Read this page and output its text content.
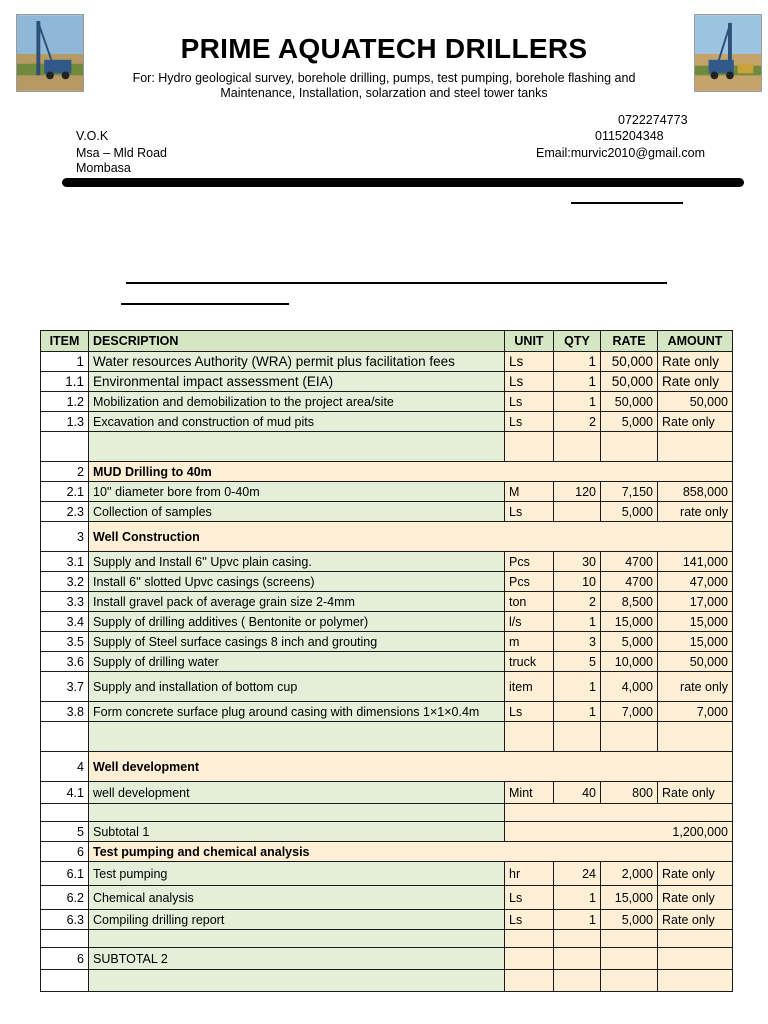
PRIME AQUATECH DRILLERS
For: Hydro geological survey, borehole drilling, pumps, test pumping, borehole flashing and
Maintenance, Installation, solarzation and steel tower tanks
0722274773
0115204348
Email:murvic2010@gmail.com
V.O.K
Msa – Mld Road
Mombasa
ITEM	DESCRIPTION	UNIT	QTY	RATE	AMOUNT
1	Water resources Authority (WRA) permit plus facilitation fees	Ls	1	50,000	Rate only
1.1	Environmental impact assessment (EIA)	Ls	1	50,000	Rate only
1.2	Mobilization and demobilization to the project area/site	Ls	1	50,000	50,000
1.3	Excavation and construction of mud pits	Ls	2	5,000	Rate only

2	MUD Drilling to 40m				
2.1	10'' diameter bore from 0-40m	M	120	7,150	858,000
2.3	Collection of samples	Ls		5,000	rate only
3	Well Construction				
3.1	Supply and Install 6'' Upvc plain casing.	Pcs	30	4700	141,000
3.2	Install 6'' slotted Upvc casings (screens)	Pcs	10	4700	47,000
3.3	Install gravel pack of average grain size 2-4mm	ton	2	8,500	17,000
3.4	Supply of drilling additives ( Bentonite or polymer)	l/s	1	15,000	15,000
3.5	Supply of Steel surface casings 8 inch and grouting	m	3	5,000	15,000
3.6	Supply of drilling water	truck	5	10,000	50,000
3.7	Supply and installation of bottom cup	item	1	4,000	rate only
3.8	Form concrete surface plug around casing with dimensions 1×1×0.4m	Ls	1	7,000	7,000

4	Well development				
4.1	well development	Mint	40	800	Rate only

5	Subtotal 1	1,200,000			
6	Test pumping and chemical analysis				
6.1	Test pumping	hr	24	2,000	Rate only
6.2	Chemical analysis	Ls	1	15,000	Rate only
6.3	Compiling drilling report	Ls	1	5,000	Rate only

6	SUBTOTAL 2				
